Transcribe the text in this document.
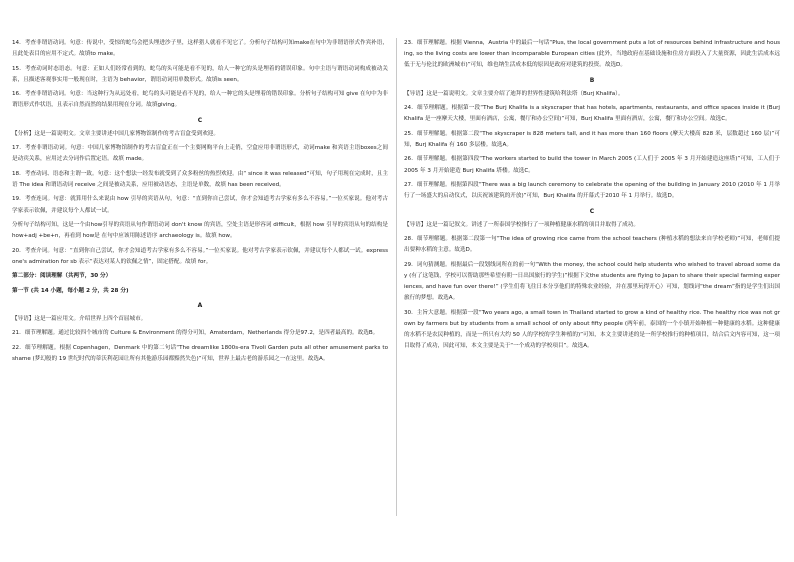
14．考查非谓语动词。句意：传说中，受惊的蛇鸟会把头埋进沙子里，这样猎人就看不见它了。分析句子结构可知make在句中为非谓语形式作宾补语，且此处表目的应用不定式。故填to make。

15．考查动词时态语态。句意：正如人们经常看到的，蛇鸟的头可能是看不见的，给人一种它的头是埋着的错误印象。句中主语与谓语动词构成被动关系，且描述客观事实用一般现在时，主语为 behavior，谓语动词用单数形式。故填is seen。

16．考查非谓语动词。句意：当这种行为从远处看，蛇鸟的头可能是看不见的，给人一种它的头是埋着的错误印象。分析句子结构可知 give 在句中为非谓语形式作状语，且表示自然而然的结果用现在分词。故填giving。

C

【分析】这是一篇说明文。文章主要讲述中国几家博物馆制作的考古盲盒受到欢迎。

17．考查非谓语动词。句意：中国几家博物馆制作的考古盲盒正在一个主要网购平台上走俏，空盒应用非谓语形式，动词make 和宾语主语boxes之间是动宾关系，应用过去分词作后置定语。故填 made。

18．考查动词、语态和主谓一致。句意：这个想法一经发布就受到了众多粉丝的热烈欢迎。由“ since it was released”可知，句子用现在完成时，且主语 The idea 和谓语动词 receive 之间是被动关系，应用被动语态，主语是单数，故填 has been received。

19．考查连词。句意：就算用什么来说由 how 引导的宾语从句，句意：“直到你自己尝试，你才会知道考古学家有多么不容易。”一位买家说。他对考古学家表示钦佩，并建议每个人都试一试。

分析句子结构可知，这是一个由how引导的宾语从句作谓语动词 don't know 的宾语，空处主语是形容词 difficult，根据 how 引导的宾语从句的结构是 how+adj +be+n，再看到 how是 在句中应该用陈述语序 archaeology is。故填 how。

20．考查介词。句意：“直到你自己尝试，你才会知道考古学家有多么不容易。”一位买家说。他对考古学家表示钦佩，并建议每个人都试一试。express one's admiration for sb 表示“表达对某人的钦佩之情”，固定搭配。故填 for。

第二部分：阅读理解（共两节，30 分）

第一节 (共 14 小题，每小题 2 分，共 28 分)

A

【导语】这是一篇应用文。介绍世界上四个首屈城市。

21．细节理解题。通过比较四个城市的 Culture & Environment 的得分可知，Amsterdam，Netherlands 得分是97.2，是四者最高的。故选B。

22．细节理解题。根据 Copenhagen，Denmark 中的第二句话“The dreamlike 1800s-era Tivoli Garden puts all other amusement parks to shame (梦幻般的 19 世纪时代的蒂沃利花园让所有其他游乐园都黯然失色)”可知，世界上最古老的游乐园之一在这里。故选A。

23．细节理解题。根据 Vienna，Austria 中的最后一句话“Plus, the local government puts a lot of resources behind infrastructure and housing, so the living costs are lower than incomparable European cities (此外，当地政府在基础设施和住房方面投入了大量资源，因此生活成本远低于无与伦比的欧洲城市)”可知，维也纳生活成本低的原因是政府对建筑的投资。故选D。

B

【导语】这是一篇说明文。文章主要介绍了迪拜的世界性建筑哈利法塔（Burj Khalifa）。

24．细节理解题。根据第一段“The Burj Khalifa is a skyscraper that has hotels, apartments, restaurants, and office spaces inside it (Burj Khalifa 是一座摩天大楼，里面有酒店，公寓，餐厅和办公空间)”可知，Burj Khalifa 里面有酒店，公寓，餐厅和办公空间。故选C。

25．细节理解题。根据第二段“The skyscraper is 828 meters tall, and it has more than 160 floors (摩天大楼高 828 米，层数超过 160 层)”可知，Burj Khalifa 有 160 多层楼。故选A。

26．细节理解题。根据第四段“The workers started to build the tower in March 2005 (工人们于 2005 年 3 月开始建造这座塔)”可知，工人们于 2005 年 3 月开始建造 Burj Khalifa 塔楼。故选C。

27．细节理解题。根据第四段“There was a big launch ceremony to celebrate the opening of the building in January 2010 (2010 年 1 月举行了一场盛大的启动仪式，以庆祝该建筑的开放)”可知，Burj Khalifa 的开幕式于2010 年 1 月举行。故选D。

C

【导语】这是一篇记叙文。讲述了一所泰国学校推行了一项种植健康水稻的项目并取得了成功。

28．细节理解题。根据第二段第一句“The idea of growing rice came from the school teachers (种植水稻的想法来自学校老师)”可知，老师们提出要种水稻的主意。故选D。

29．词句猜测题。根据最后一段划线词所在的前一句“With the money, the school could help students who wished to travel abroad some day (有了这笔钱，学校可以帮助那些希望有朝一日出国旅行的学生)”根据下文the students are flying to Japan to share their special farming experiences, and have fun over there!” (学生们将飞往日本分享他们的特殊农业经验，并在那里玩得开心）可知，划线词“the dream”指的是学生们出国旅行的梦想。故选A。

30．主旨大意题。根据第一段“Two years ago, a small town in Thailand started to grow a kind of healthy rice. The healthy rice was not grown by farmers but by students from a small school of only about fifty people (两年前，泰国的一个小镇开始种植一种健康的水稻。这种健康的水稻不是农民种植的，而是一所只有大约 50 人的学校的学生种植的)”可知，本文主要讲述的是一所学校推行的种植项目，结合后文内容可知，这一项目取得了成功，因此可知，本文主要是关于“一个成功的学校项目”。故选A。
